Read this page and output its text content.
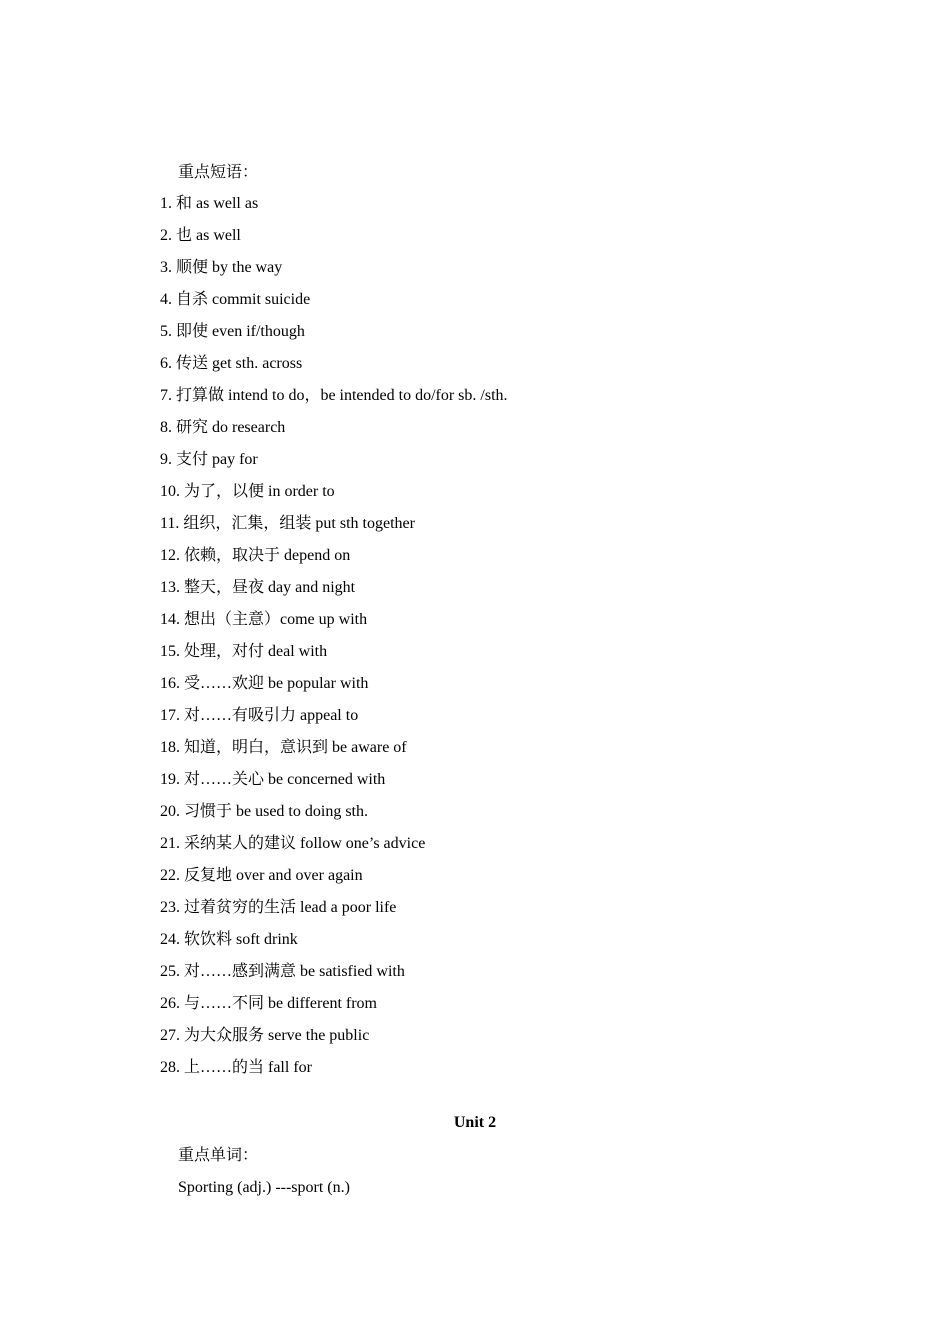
重点短语：
1. 和 as well as
2. 也 as well
3. 顺便 by the way
4. 自杀 commit suicide
5. 即使 even if/though
6. 传送 get sth. across
7. 打算做 intend to do，be intended to do/for sb. /sth.
8. 研究 do research
9. 支付 pay for
10. 为了，以便 in order to
11. 组织，汇集，组装 put sth together
12. 依赖，取决于 depend on
13. 整天，昼夜 day and night
14. 想出（主意）come up with
15. 处理，对付 deal with
16. 受……欢迎 be popular with
17. 对……有吸引力 appeal to
18. 知道，明白，意识到 be aware of
19. 对……关心 be concerned with
20. 习惯于 be used to doing sth.
21. 采纳某人的建议 follow one’s advice
22. 反复地 over and over again
23. 过着贫穷的生活 lead a poor life
24. 软饮料 soft drink
25. 对……感到满意 be satisfied with
26. 与……不同 be different from
27. 为大众服务 serve the public
28. 上……的当 fall for
Unit 2
重点单词：
Sporting (adj.) ---sport (n.)
